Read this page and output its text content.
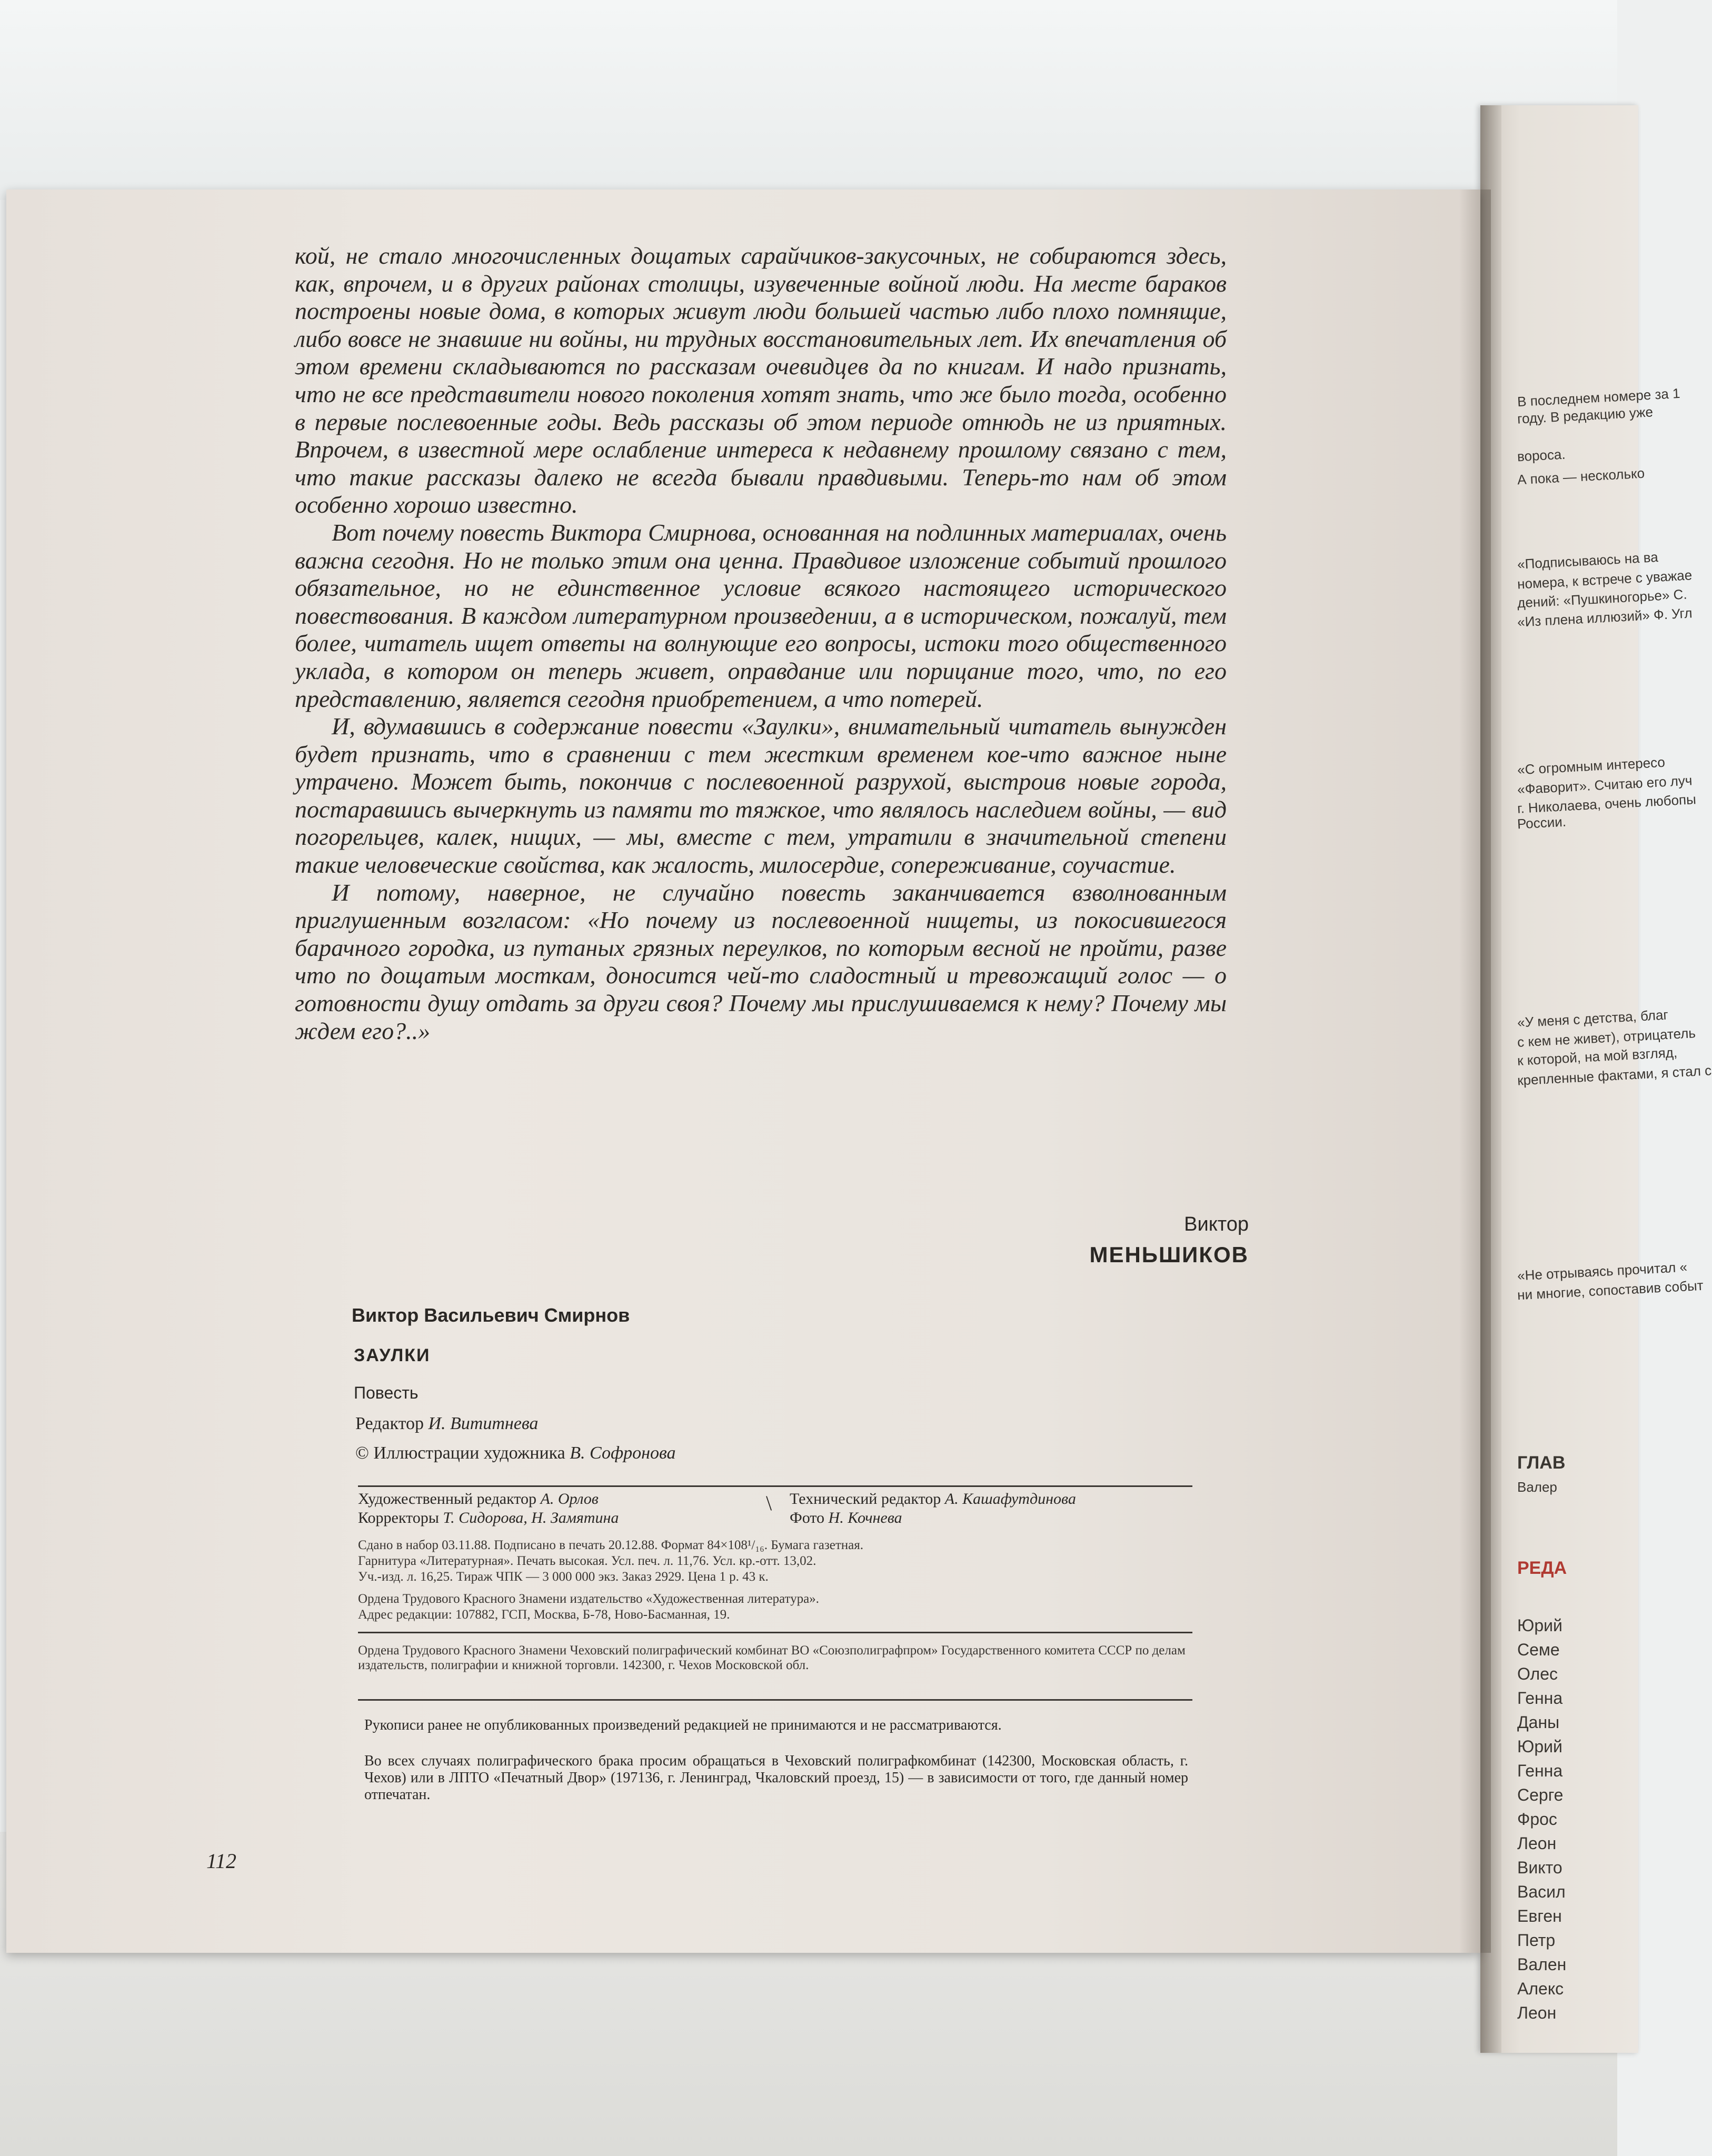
В последнем номере за 1
году. В редакцию уже
вороса.
А пока — несколько
«Подписываюсь на ва
номера, к встрече с уважае
дений: «Пушкиногорье» С.
«Из плена иллюзий» Ф. Угл
«С огромным интересо
«Фаворит». Считаю его луч
г. Николаева, очень любопы
России.
«У меня с детства, благ
с кем не живет), отрицатель
к которой, на мой взгляд,
крепленные фактами, я стал с
«Не отрываясь прочитал «
ни многие, сопоставив событ
ГЛАВ
Валер
РЕДА
Юрий
Семе
Олес
Генна
Даны
Юрий
Генна
Серге
Фрос
Леон
Викто
Васил
Евген
Петр
Вален
Алекс
Леон

кой, не стало многочисленных дощатых сарайчиков-закусочных, не собираются здесь, как, впрочем, и в других районах столицы, изувеченные войной люди. На месте бараков построены новые дома, в которых живут люди большей частью либо плохо помнящие, либо вовсе не знавшие ни войны, ни трудных восстановительных лет. Их впечатления об этом времени складываются по рассказам очевидцев да по книгам. И надо признать, что не все представители нового поколения хотят знать, что же было тогда, особенно в первые послевоенные годы. Ведь рассказы об этом периоде отнюдь не из приятных. Впрочем, в известной мере ослабление интереса к недавнему прошлому связано с тем, что такие рассказы далеко не всегда бывали правдивыми. Теперь-то нам об этом особенно хорошо известно.

Вот почему повесть Виктора Смирнова, основанная на подлинных материалах, очень важна сегодня. Но не только этим она ценна. Правдивое изложение событий прошлого обязательное, но не единственное условие всякого настоящего исторического повествования. В каждом литературном произведении, а в историческом, пожалуй, тем более, читатель ищет ответы на волнующие его вопросы, истоки того общественного уклада, в котором он теперь живет, оправдание или порицание того, что, по его представлению, является сегодня приобретением, а что потерей.

И, вдумавшись в содержание повести «Заулки», внимательный читатель вынужден будет признать, что в сравнении с тем жестким временем кое-что важное ныне утрачено. Может быть, покончив с послевоенной разрухой, выстроив новые города, постаравшись вычеркнуть из памяти то тяжкое, что являлось наследием войны, — вид погорельцев, калек, нищих, — мы, вместе с тем, утратили в значительной степени такие человеческие свойства, как жалость, милосердие, сопереживание, соучастие.

И потому, наверное, не случайно повесть заканчивается взволнованным приглушенным возгласом: «Но почему из послевоенной нищеты, из покосившегося барачного городка, из путаных грязных переулков, по которым весной не пройти, разве что по дощатым мосткам, доносится чей-то сладостный и тревожащий голос — о готовности душу отдать за други своя? Почему мы прислушиваемся к нему? Почему мы ждем его?..»

Виктор
МЕНЬШИКОВ
Виктор Васильевич Смирнов
ЗАУЛКИ
Повесть
Редактор И. Вититнева
© Иллюстрации художника В. Софронова
Художественный редактор А. Орлов
Корректоры Т. Сидорова, Н. Замятина
\ Технический редактор А. Кашафутдинова
Фото Н. Кочнева
Сдано в набор 03.11.88. Подписано в печать 20.12.88. Формат 84×108¹/₁₆. Бумага газетная.
Гарнитура «Литературная». Печать высокая. Усл. печ. л. 11,76. Усл. кр.-отт. 13,02.
Уч.-изд. л. 16,25. Тираж ЧПК — 3 000 000 экз. Заказ 2929. Цена 1 р. 43 к.
Ордена Трудового Красного Знамени издательство «Художественная литература».
Адрес редакции: 107882, ГСП, Москва, Б-78, Ново-Басманная, 19.
Ордена Трудового Красного Знамени Чеховский полиграфический комбинат ВО «Союзполиграфпром» Государственного комитета СССР по делам издательств, полиграфии и книжной торговли. 142300, г. Чехов Московской обл.
Рукописи ранее не опубликованных произведений редакцией не принимаются и не рассматриваются.
Во всех случаях полиграфического брака просим обращаться в Чеховский полиграфкомбинат (142300, Московская область, г. Чехов) или в ЛПТО «Печатный Двор» (197136, г. Ленинград, Чкаловский проезд, 15) — в зависимости от того, где данный номер отпечатан.
112
